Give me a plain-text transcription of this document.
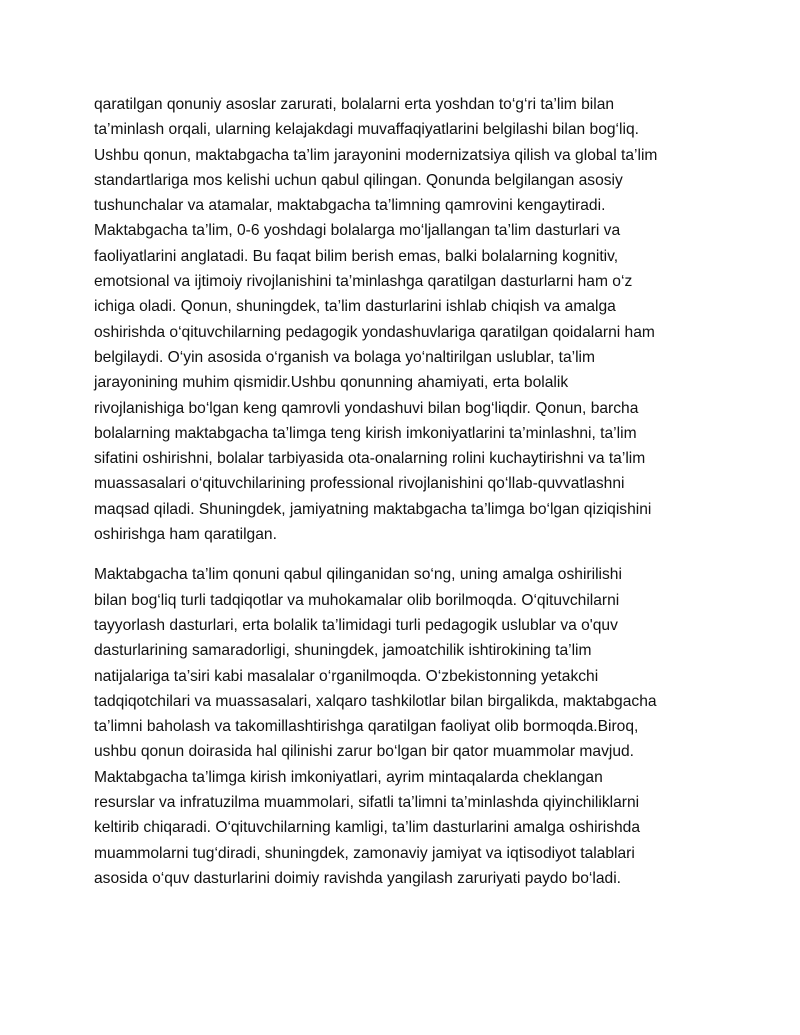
qaratilgan qonuniy asoslar zarurati, bolalarni erta yoshdan to‘g‘ri ta’lim bilan
ta’minlash orqali, ularning kelajakdagi muvaffaqiyatlarini belgilashi bilan bog‘liq.
Ushbu qonun, maktabgacha ta’lim jarayonini modernizatsiya qilish va global ta’lim
standartlariga mos kelishi uchun qabul qilingan. Qonunda belgilangan asosiy
tushunchalar va atamalar, maktabgacha ta’limning qamrovini kengaytiradi.
Maktabgacha ta’lim, 0-6 yoshdagi bolalarga mo‘ljallangan ta’lim dasturlari va
faoliyatlarini anglatadi. Bu faqat bilim berish emas, balki bolalarning kognitiv,
emotsional va ijtimoiy rivojlanishini ta’minlashga qaratilgan dasturlarni ham o‘z
ichiga oladi. Qonun, shuningdek, ta’lim dasturlarini ishlab chiqish va amalga
oshirishda o‘qituvchilarning pedagogik yondashuvlariga qaratilgan qoidalarni ham
belgilaydi. O‘yin asosida o‘rganish va bolaga yo‘naltirilgan uslublar, ta’lim
jarayonining muhim qismidir.Ushbu qonunning ahamiyati, erta bolalik
rivojlanishiga bo‘lgan keng qamrovli yondashuvi bilan bog‘liqdir. Qonun, barcha
bolalarning maktabgacha ta’limga teng kirish imkoniyatlarini ta’minlashni, ta’lim
sifatini oshirishni, bolalar tarbiyasida ota-onalarning rolini kuchaytirishni va ta’lim
muassasalari o‘qituvchilarining professional rivojlanishini qo‘llab-quvvatlashni
maqsad qiladi. Shuningdek, jamiyatning maktabgacha ta’limga bo‘lgan qiziqishini
oshirishga ham qaratilgan.

Maktabgacha ta’lim qonuni qabul qilinganidan so‘ng, uning amalga oshirilishi
bilan bog‘liq turli tadqiqotlar va muhokamalar olib borilmoqda. O‘qituvchilarni
tayyorlash dasturlari, erta bolalik ta’limidagi turli pedagogik uslublar va o'quv
dasturlarining samaradorligi, shuningdek, jamoatchilik ishtirokining ta’lim
natijalariga ta’siri kabi masalalar o‘rganilmoqda. O‘zbekistonning yetakchi
tadqiqotchilari va muassasalari, xalqaro tashkilotlar bilan birgalikda, maktabgacha
ta’limni baholash va takomillashtirishga qaratilgan faoliyat olib bormoqda.Biroq,
ushbu qonun doirasida hal qilinishi zarur bo‘lgan bir qator muammolar mavjud.
Maktabgacha ta’limga kirish imkoniyatlari, ayrim mintaqalarda cheklangan
resurslar va infratuzilma muammolari, sifatli ta’limni ta’minlashda qiyinchiliklarni
keltirib chiqaradi. O‘qituvchilarning kamligi, ta’lim dasturlarini amalga oshirishda
muammolarni tug‘diradi, shuningdek, zamonaviy jamiyat va iqtisodiyot talablari
asosida o‘quv dasturlarini doimiy ravishda yangilash zaruriyati paydo bo‘ladi.
